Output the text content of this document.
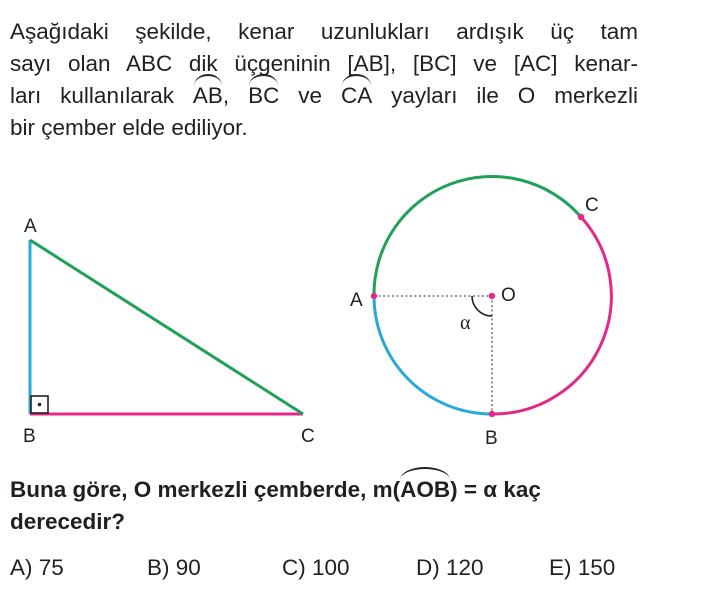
Aşağıdaki şekilde, kenar uzunlukları ardışık üç tam
sayı olan ABC dik üçgeninin [AB], [BC] ve [AC] kenar-
ları kullanılarak AB, BC ve CA yayları ile O merkezli
bir çember elde ediliyor.
A
B	C
A	O
B
C
α
Buna göre, O merkezli çemberde, m(AOB) = α kaç
derecedir?
A) 75	B) 90	C) 100	D) 120	E) 150
